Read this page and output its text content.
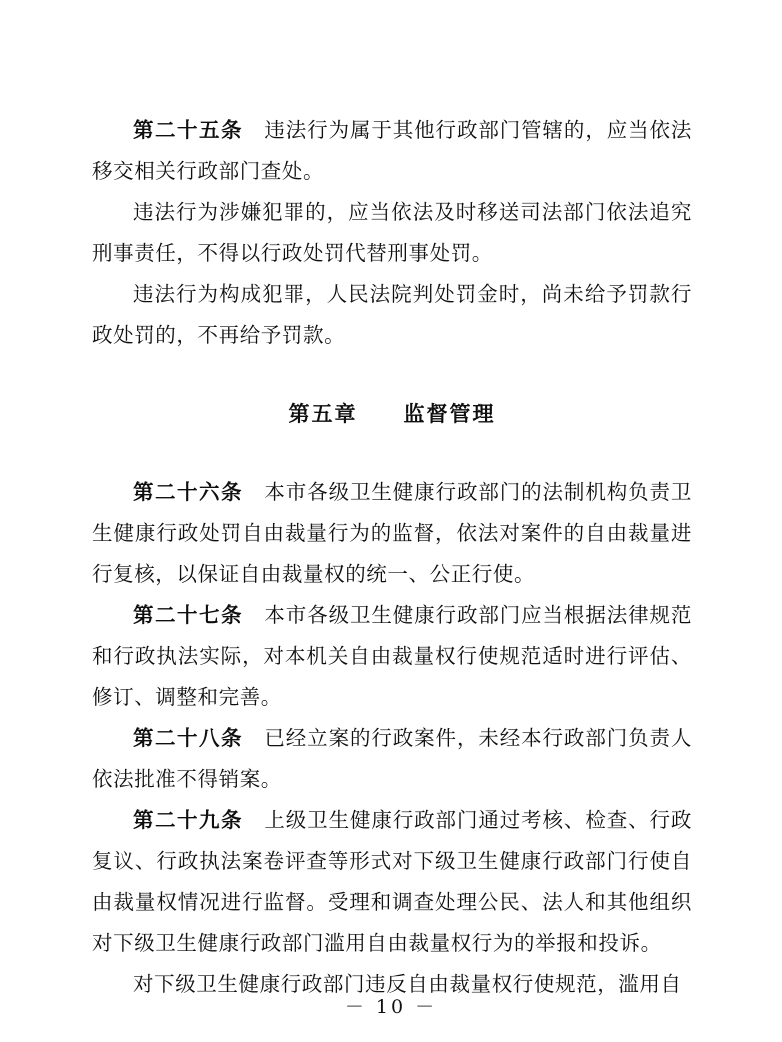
第二十五条　违法行为属于其他行政部门管辖的，应当依法移交相关行政部门查处。

违法行为涉嫌犯罪的，应当依法及时移送司法部门依法追究刑事责任，不得以行政处罚代替刑事处罚。

违法行为构成犯罪，人民法院判处罚金时，尚未给予罚款行政处罚的，不再给予罚款。

第五章　　监督管理

第二十六条　本市各级卫生健康行政部门的法制机构负责卫生健康行政处罚自由裁量行为的监督，依法对案件的自由裁量进行复核，以保证自由裁量权的统一、公正行使。

第二十七条　本市各级卫生健康行政部门应当根据法律规范和行政执法实际，对本机关自由裁量权行使规范适时进行评估、修订、调整和完善。

第二十八条　已经立案的行政案件，未经本行政部门负责人依法批准不得销案。

第二十九条　上级卫生健康行政部门通过考核、检查、行政复议、行政执法案卷评查等形式对下级卫生健康行政部门行使自由裁量权情况进行监督。受理和调查处理公民、法人和其他组织对下级卫生健康行政部门滥用自由裁量权行为的举报和投诉。

对下级卫生健康行政部门违反自由裁量权行使规范，滥用自

－ 10 －
